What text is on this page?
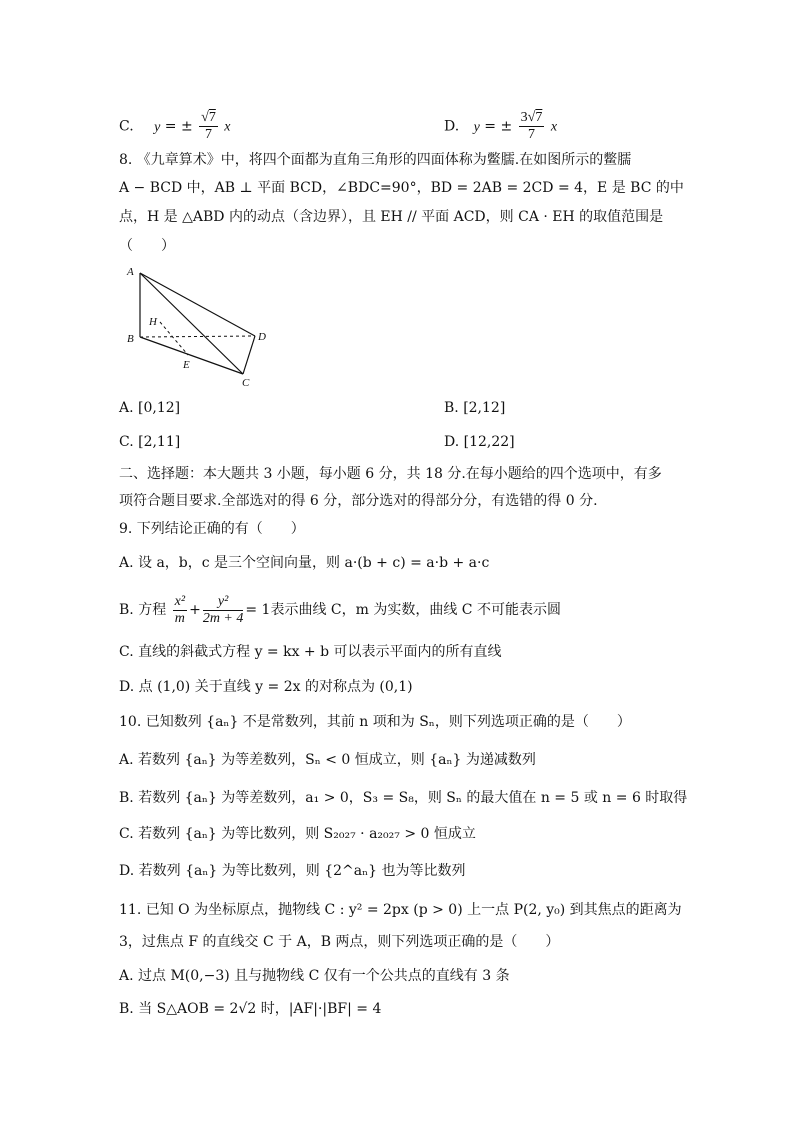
C. y = ± $\frac{√7}{7}$ x	D. y = ± $\frac{3√7}{7}$ x
8. 《九章算术》中，将四个面都为直角三角形的四面体称为鳖臑.在如图所示的鳖臑
A − BCD 中，AB ⊥ 平面 BCD，∠BDC=90°，BD = 2AB = 2CD = 4，E 是 BC 的中
点，H 是 △ABD 内的动点（含边界），且 EH // 平面 ACD，则 CA · EH 的取值范围是
（　　）
A
B
C
D
E
H
A. [0,12]	B. [2,12]
C. [2,11]	D. [12,22]
二、选择题：本大题共 3 小题，每小题 6 分，共 18 分.在每小题给的四个选项中，有多
项符合题目要求.全部选对的得 6 分，部分选对的得部分分，有选错的得 0 分.
9. 下列结论正确的有（　　）
A. 设 a，b，c 是三个空间向量，则 a·(b + c) = a·b + a·c
B. 方程 $\frac{\text{x²}}{m} + \frac{\text{y²}}{2m + 4} = 1$表示曲线 C，m 为实数，曲线 C 不可能表示圆
C. 直线的斜截式方程 y = kx + b 可以表示平面内的所有直线
D. 点 (1,0) 关于直线 y = 2x 的对称点为 (0,1)
10. 已知数列 {aₙ} 不是常数列，其前 n 项和为 Sₙ，则下列选项正确的是（　　）
A. 若数列 {aₙ} 为等差数列，Sₙ < 0 恒成立，则 {aₙ} 为递减数列
B. 若数列 {aₙ} 为等差数列，a₁ > 0，S₃ = S₈，则 Sₙ 的最大值在 n = 5 或 n = 6 时取得
C. 若数列 {aₙ} 为等比数列，则 S₂₀₂₇ · a₂₀₂₇ > 0 恒成立
D. 若数列 {aₙ} 为等比数列，则 {2^aₙ} 也为等比数列
11. 已知 O 为坐标原点，抛物线 C : y² = 2px (p > 0) 上一点 P(2, y₀) 到其焦点的距离为
3，过焦点 F 的直线交 C 于 A，B 两点，则下列选项正确的是（　　）
A. 过点 M(0,−3) 且与抛物线 C 仅有一个公共点的直线有 3 条
B. 当 S△AOB = 2√2 时，|AF|·|BF| = 4
